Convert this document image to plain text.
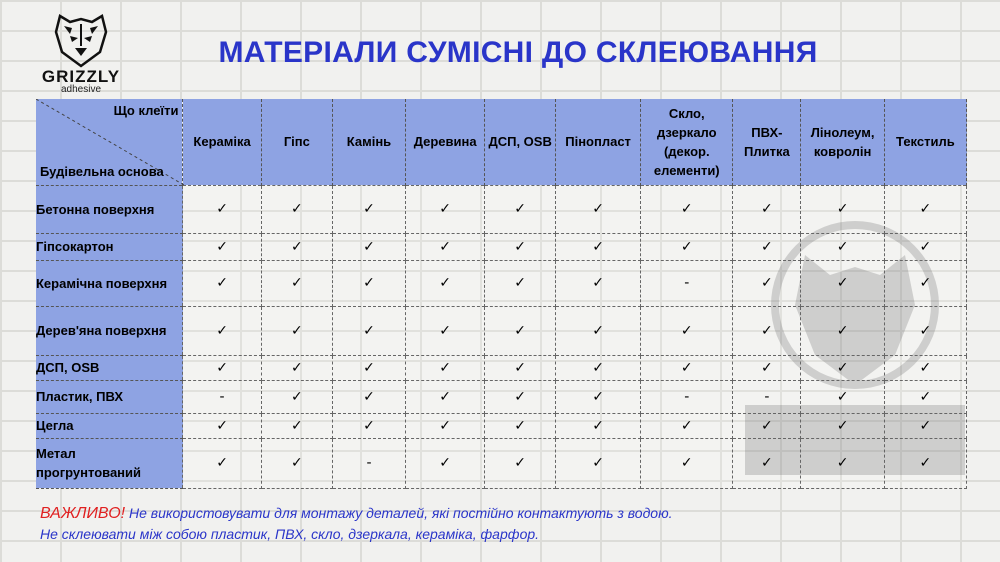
GRIZZLY
adhesive
МАТЕРІАЛИ СУМІСНІ ДО СКЛЕЮВАННЯ
Що клеїти
Будівельна основа	Кераміка	Гіпс	Камінь	Деревина	ДСП, OSB	Пінопласт	Скло, дзеркало (декор. елементи)	ПВХ-Плитка	Лінолеум, ковролін	Текстиль
Бетонна поверхня	✓	✓	✓	✓	✓	✓	✓	✓	✓	✓
Гіпсокартон	✓	✓	✓	✓	✓	✓	✓	✓	✓	✓
Керамічна поверхня	✓	✓	✓	✓	✓	✓	-	✓	✓	✓
Дерев'яна поверхня	✓	✓	✓	✓	✓	✓	✓	✓	✓	✓
ДСП, OSB	✓	✓	✓	✓	✓	✓	✓	✓	✓	✓
Пластик, ПВХ	-	✓	✓	✓	✓	✓	-	-	✓	✓
Цегла	✓	✓	✓	✓	✓	✓	✓	✓	✓	✓
Метал прогрунтований	✓	✓	-	✓	✓	✓	✓	✓	✓	✓
ВАЖЛИВО! Не використовувати для монтажу деталей, які постійно контактують з водою.
Не склеювати між собою пластик, ПВХ, скло, дзеркала, кераміка, фарфор.
